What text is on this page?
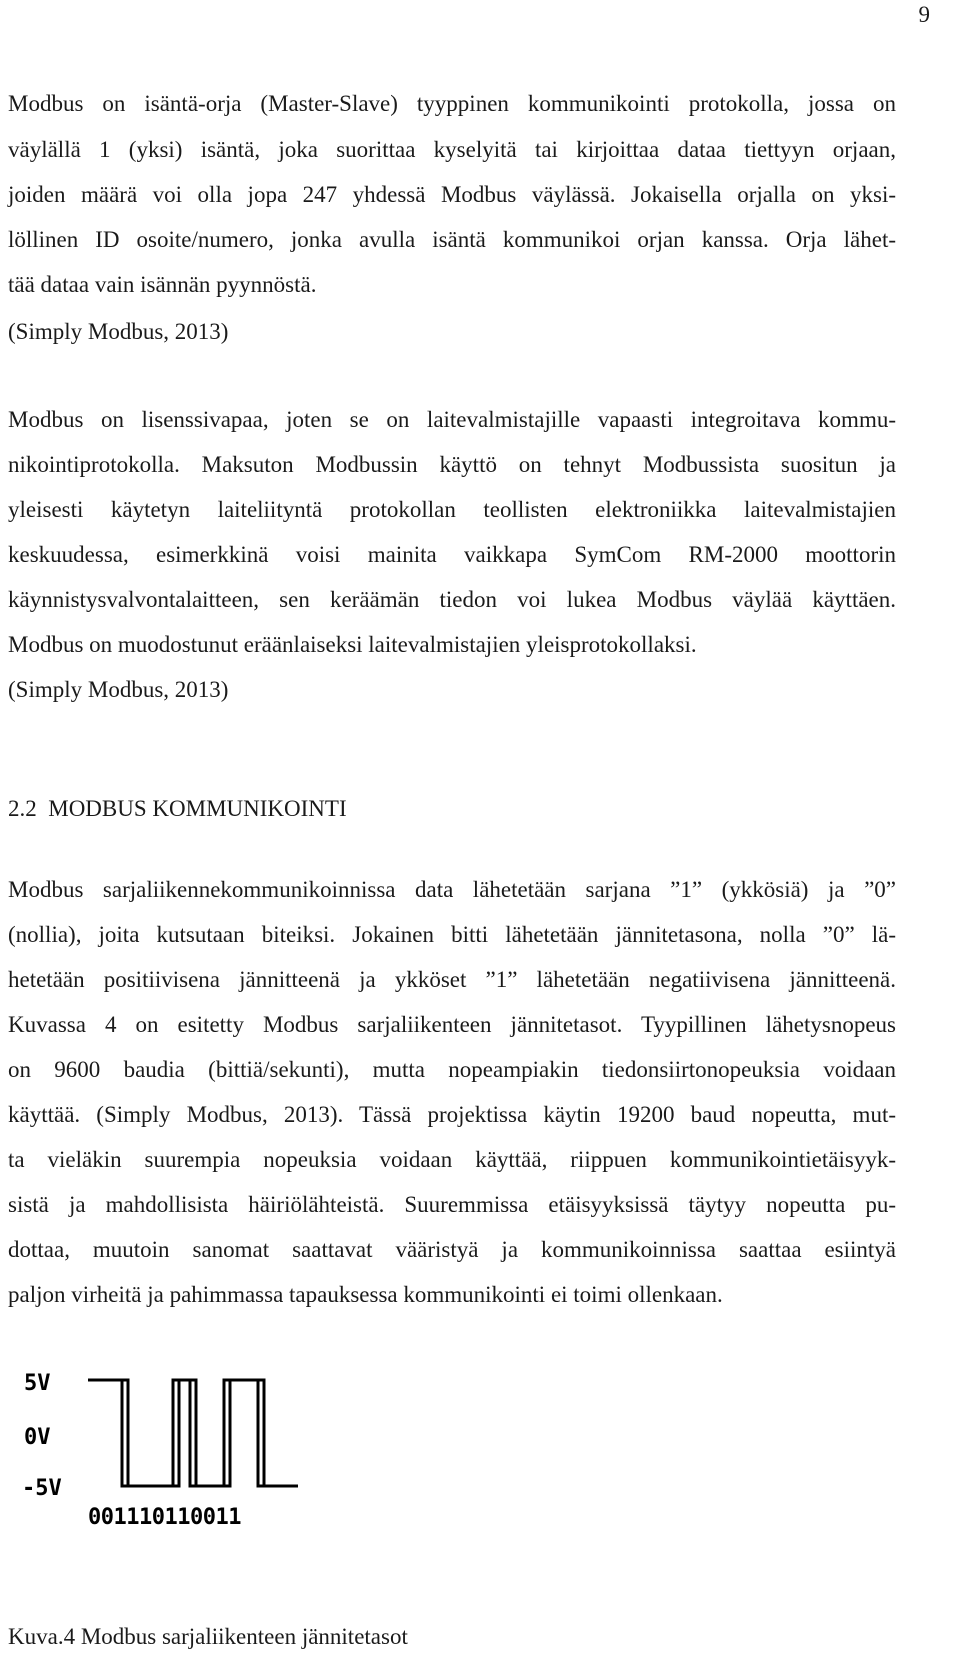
9
Modbus on isäntä-orja (Master-Slave) tyyppinen kommunikointi protokolla, jossa on
väylällä 1 (yksi) isäntä, joka suorittaa kyselyitä tai kirjoittaa dataa tiettyyn orjaan,
joiden määrä voi olla jopa 247 yhdessä Modbus väylässä. Jokaisella orjalla on yksi-
löllinen ID osoite/numero, jonka avulla isäntä kommunikoi orjan kanssa. Orja lähet-
tää dataa vain isännän pyynnöstä.
(Simply Modbus, 2013)
Modbus on lisenssivapaa, joten se on laitevalmistajille vapaasti integroitava kommu-
nikointiprotokolla. Maksuton Modbussin käyttö on tehnyt Modbussista suositun ja
yleisesti käytetyn laiteliityntä protokollan teollisten elektroniikka laitevalmistajien
keskuudessa, esimerkkinä voisi mainita vaikkapa SymCom RM-2000 moottorin
käynnistysvalvontalaitteen, sen keräämän tiedon voi lukea Modbus väylää käyttäen.
Modbus on muodostunut eräänlaiseksi laitevalmistajien yleisprotokollaksi.
(Simply Modbus, 2013)
2.2  MODBUS KOMMUNIKOINTI
Modbus sarjaliikennekommunikoinnissa data lähetetään sarjana ”1” (ykkösiä) ja ”0”
(nollia), joita kutsutaan biteiksi. Jokainen bitti lähetetään jännitetasona, nolla ”0” lä-
hetetään positiivisena jännitteenä ja ykköset ”1” lähetetään negatiivisena jännitteenä.
Kuvassa 4 on esitetty Modbus sarjaliikenteen jännitetasot. Tyypillinen lähetysnopeus
on 9600 baudia (bittiä/sekunti), mutta nopeampiakin tiedonsiirtonopeuksia voidaan
käyttää. (Simply Modbus, 2013). Tässä projektissa käytin 19200 baud nopeutta, mut-
ta vieläkin suurempia nopeuksia voidaan käyttää, riippuen kommunikointietäisyyk-
sistä ja mahdollisista häiriölähteistä. Suuremmissa etäisyyksissä täytyy nopeutta pu-
dottaa, muutoin sanomat saattavat vääristyä ja kommunikoinnissa saattaa esiintyä
paljon virheitä ja pahimmassa tapauksessa kommunikointi ei toimi ollenkaan.
5V
0V
-5V
001110110011
Kuva.4 Modbus sarjaliikenteen jännitetasot
